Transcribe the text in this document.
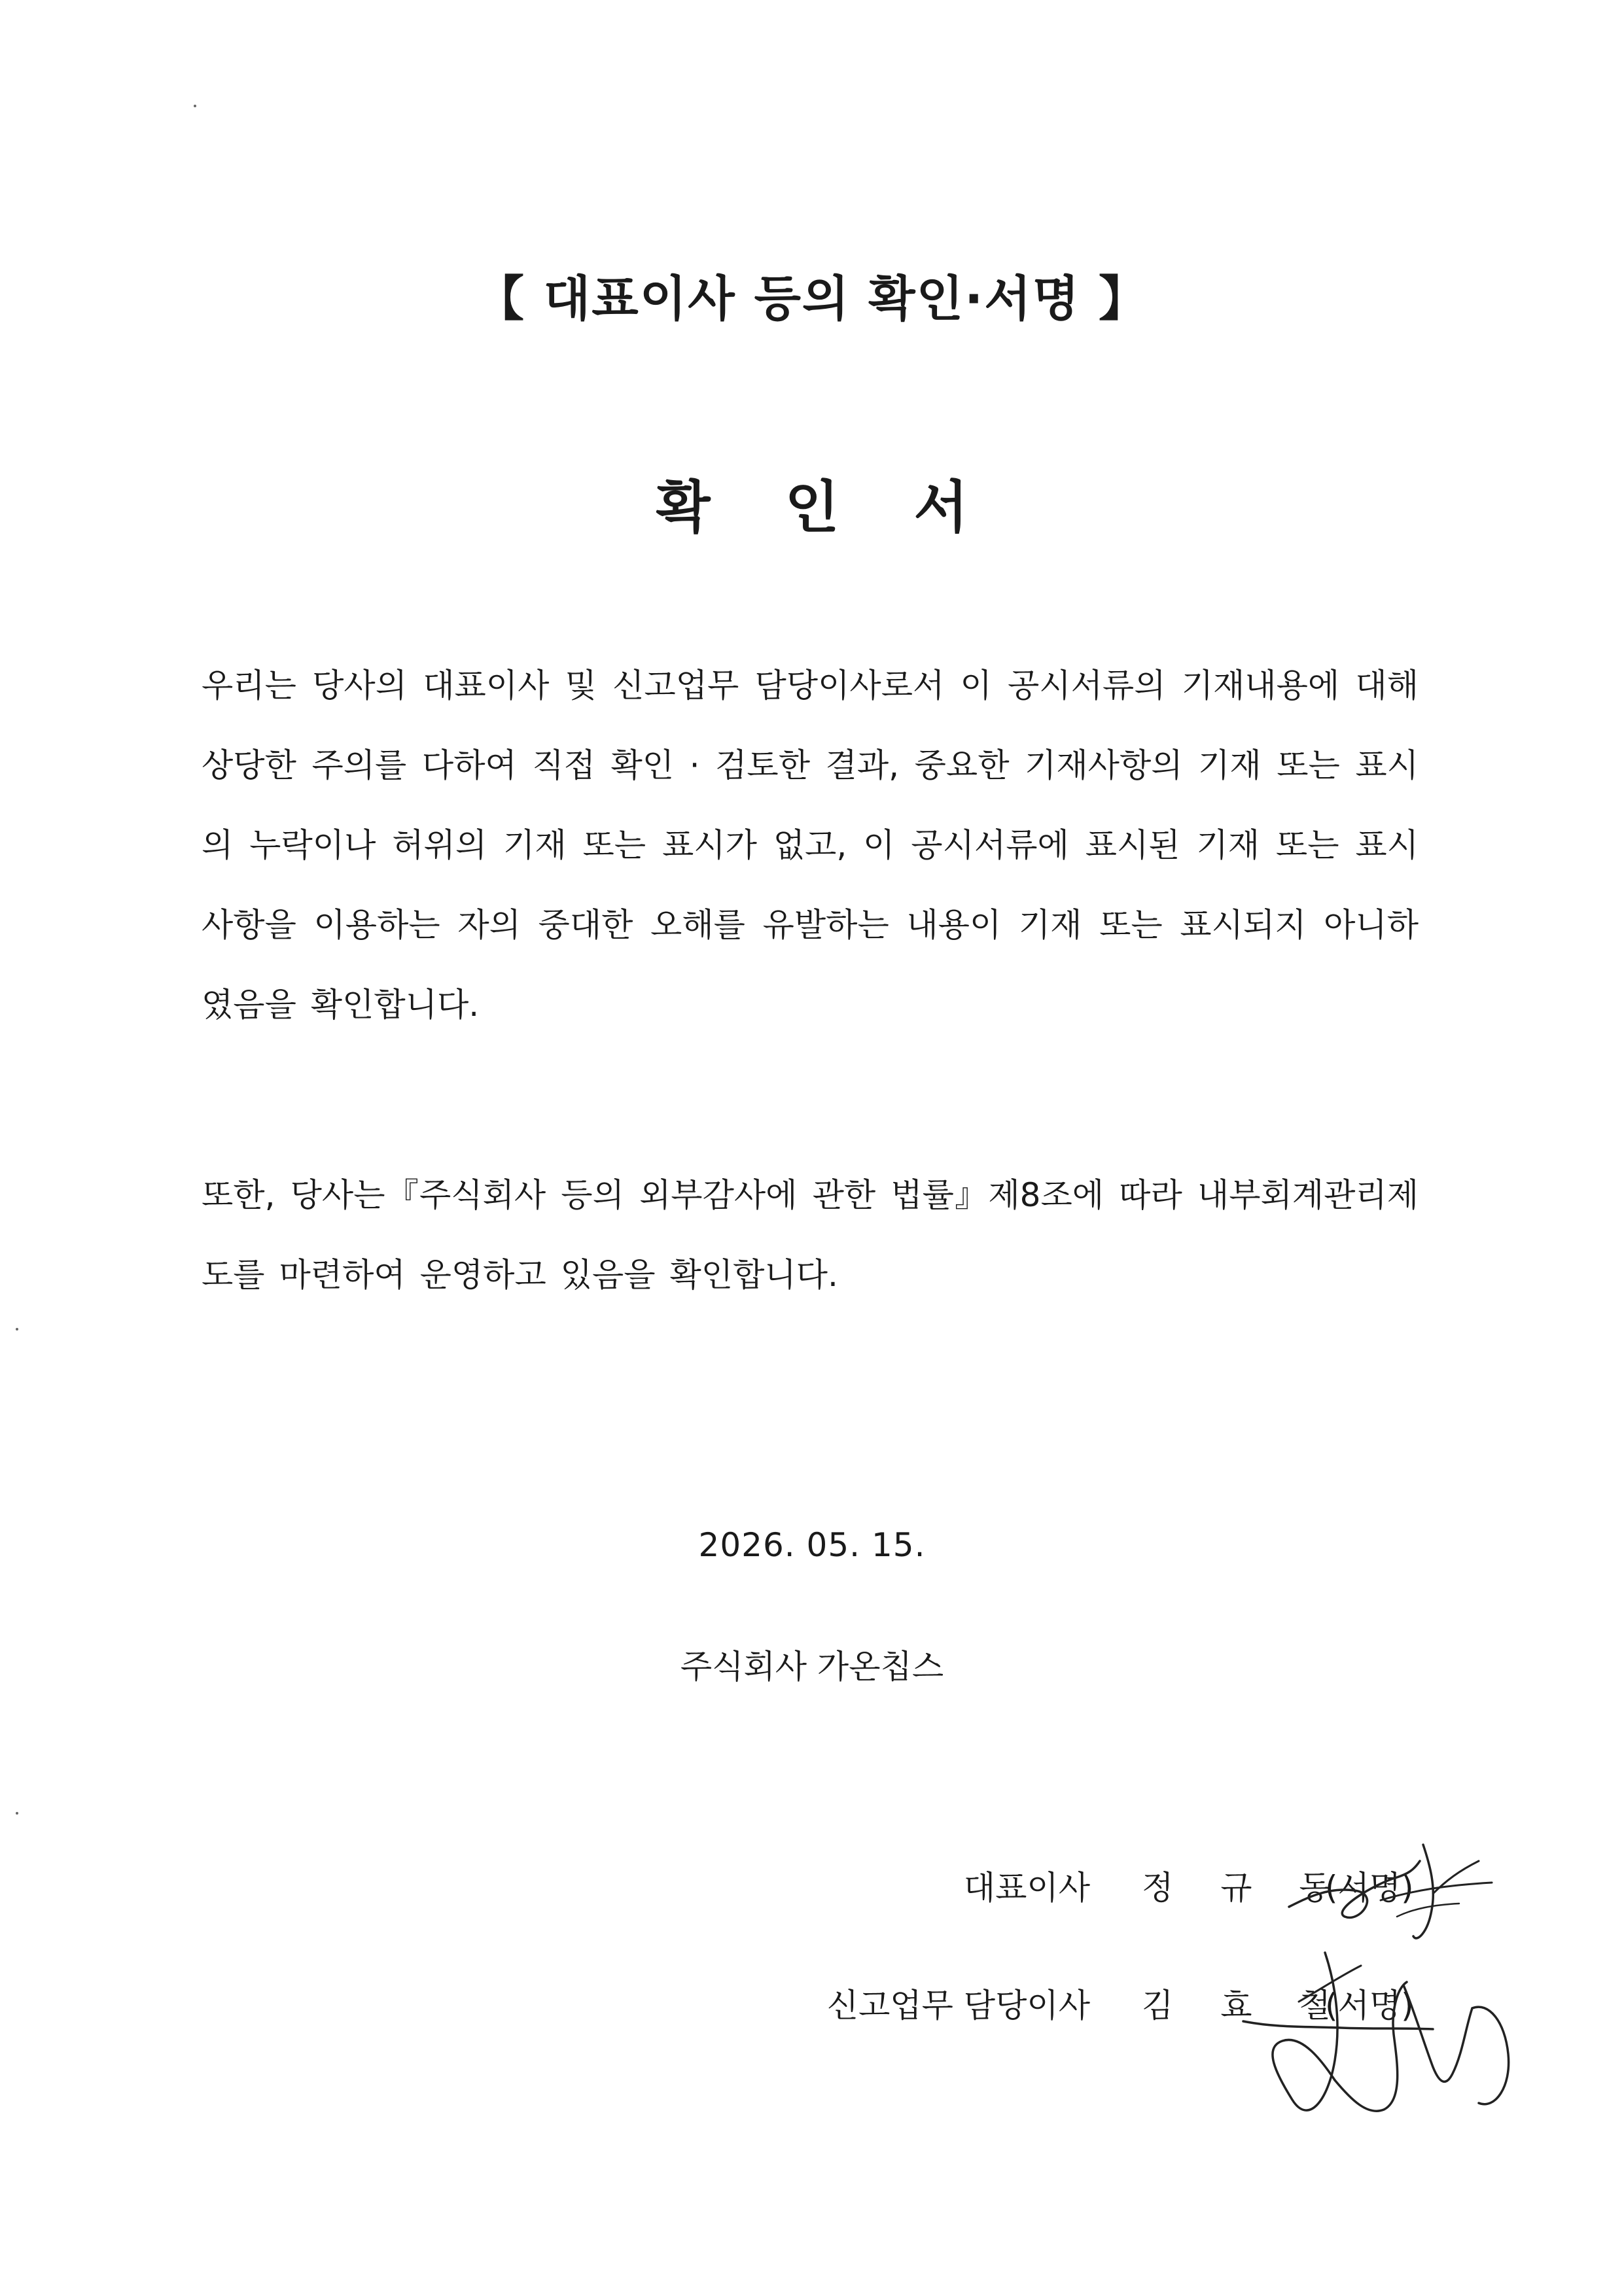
【 대표이사 등의 확인·서명 】
확 인 서
우리는 당사의 대표이사 및 신고업무 담당이사로서 이 공시서류의 기재내용에 대해 상당한 주의를 다하여 직접 확인 · 검토한 결과, 중요한 기재사항의 기재 또는 표시의 누락이나 허위의 기재 또는 표시가 없고, 이 공시서류에 표시된 기재 또는 표시사항을 이용하는 자의 중대한 오해를 유발하는 내용이 기재 또는 표시되지 아니하였음을 확인합니다.
또한, 당사는『주식회사 등의 외부감사에 관한 법률』제8조에 따라 내부회계관리제도를 마련하여 운영하고 있음을 확인합니다.
2026. 05. 15.
주식회사 가온칩스
대표이사 정 규 동
(서명)
신고업무 담당이사 김 효 철
(서명)
